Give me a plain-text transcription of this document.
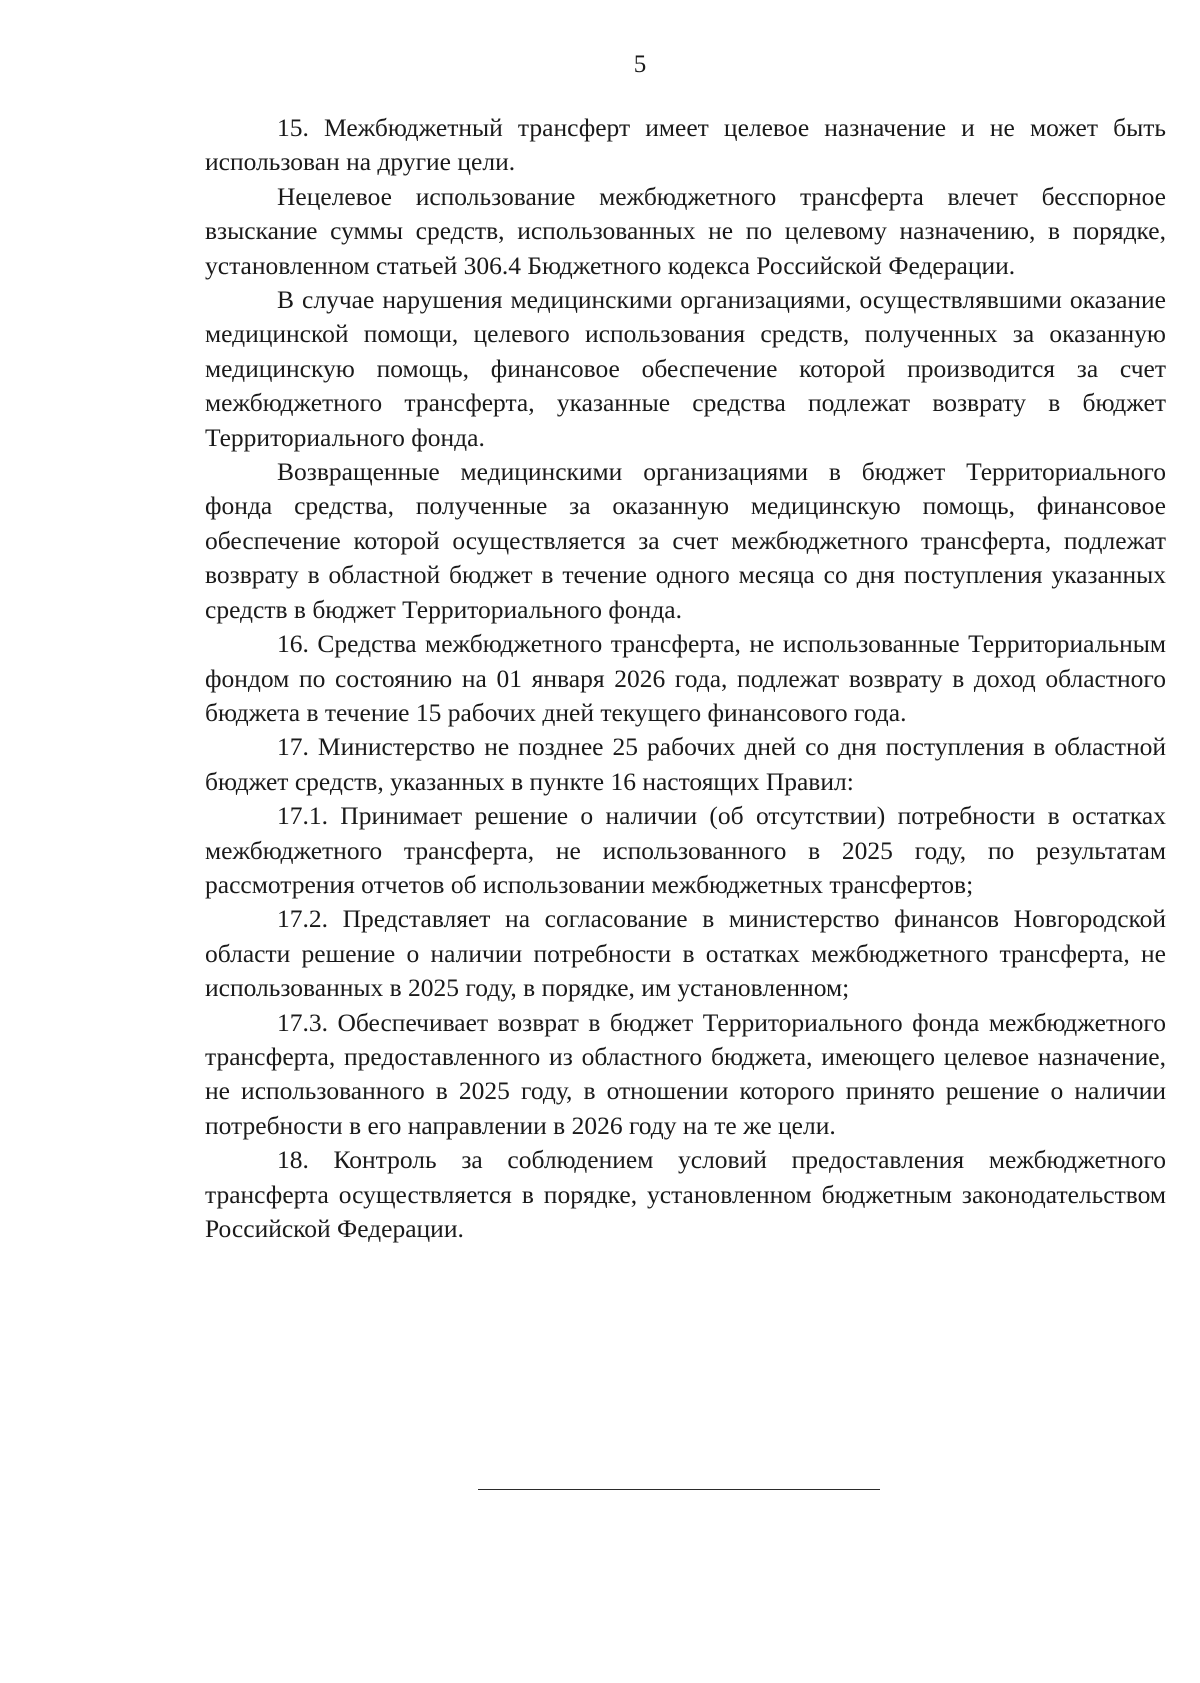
5

15. Межбюджетный трансферт имеет целевое назначение и не может быть использован на другие цели.

Нецелевое использование межбюджетного трансферта влечет бесспорное взыскание суммы средств, использованных не по целевому назначению, в порядке, установленном статьей 306.4 Бюджетного кодекса Российской Федерации.

В случае нарушения медицинскими организациями, осуществлявшими оказание медицинской помощи, целевого использования средств, полученных за оказанную медицинскую помощь, финансовое обеспечение которой производится за счет межбюджетного трансферта, указанные средства подлежат возврату в бюджет Территориального фонда.

Возвращенные медицинскими организациями в бюджет Территориального фонда средства, полученные за оказанную медицинскую помощь, финансовое обеспечение которой осуществляется за счет межбюджетного трансферта, подлежат возврату в областной бюджет в течение одного месяца со дня поступления указанных средств в бюджет Территориального фонда.

16. Средства межбюджетного трансферта, не использованные Территориальным фондом по состоянию на 01 января 2026 года, подлежат возврату в доход областного бюджета в течение 15 рабочих дней текущего финансового года.

17. Министерство не позднее 25 рабочих дней со дня поступления в областной бюджет средств, указанных в пункте 16 настоящих Правил:

17.1. Принимает решение о наличии (об отсутствии) потребности в остатках межбюджетного трансферта, не использованного в 2025 году, по результатам рассмотрения отчетов об использовании межбюджетных трансфертов;

17.2. Представляет на согласование в министерство финансов Новгородской области решение о наличии потребности в остатках межбюджетного трансферта, не использованных в 2025 году, в порядке, им установленном;

17.3. Обеспечивает возврат в бюджет Территориального фонда межбюджетного трансферта, предоставленного из областного бюджета, имеющего целевое назначение, не использованного в 2025 году, в отношении которого принято решение о наличии потребности в его направлении в 2026 году на те же цели.

18. Контроль за соблюдением условий предоставления межбюджетного трансферта осуществляется в порядке, установленном бюджетным законодательством Российской Федерации.
